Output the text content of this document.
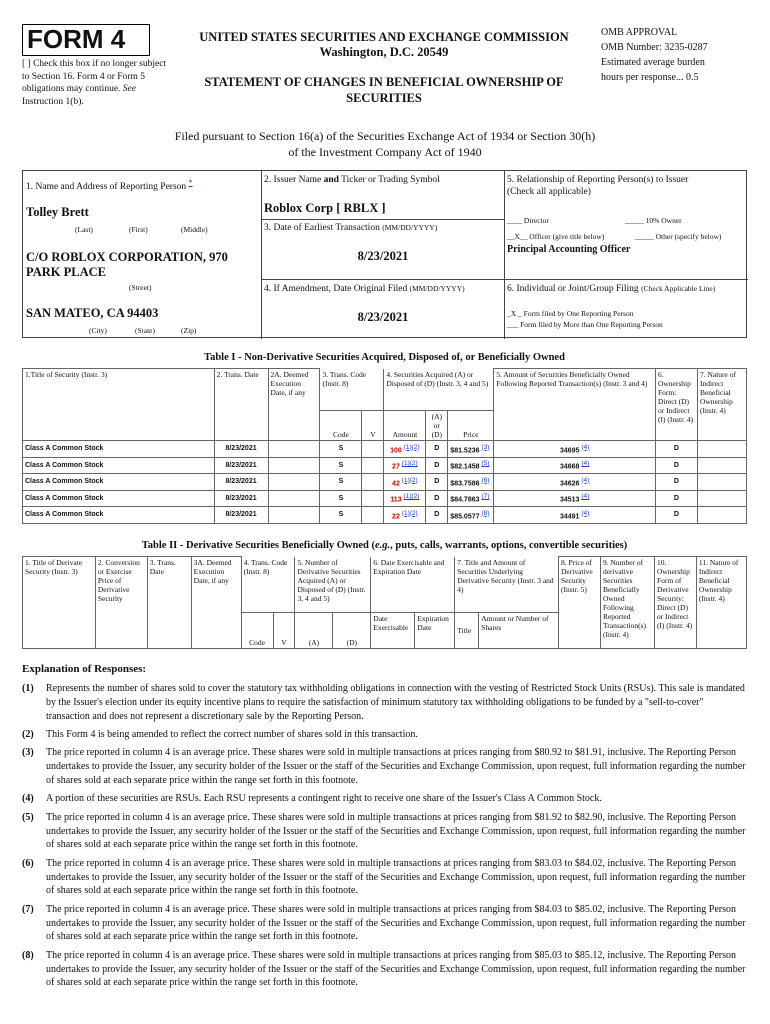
FORM 4
[ ] Check this box if no longer subject to Section 16. Form 4 or Form 5 obligations may continue. See Instruction 1(b).
UNITED STATES SECURITIES AND EXCHANGE COMMISSION
Washington, D.C. 20549
STATEMENT OF CHANGES IN BENEFICIAL OWNERSHIP OF SECURITIES
OMB APPROVAL
OMB Number: 3235-0287
Estimated average burden
hours per response... 0.5
Filed pursuant to Section 16(a) of the Securities Exchange Act of 1934 or Section 30(h) of the Investment Company Act of 1940
1. Name and Address of Reporting Person *
Tolley Brett
(Last)	(First)	(Middle)
C/O ROBLOX CORPORATION, 970 PARK PLACE
(Street)
SAN MATEO, CA 94403
(City)	(State)	(Zip)
2. Issuer Name and Ticker or Trading Symbol
Roblox Corp [ RBLX ]
3. Date of Earliest Transaction (MM/DD/YYYY)
8/23/2021
4. If Amendment, Date Original Filed (MM/DD/YYYY)
8/23/2021
5. Relationship of Reporting Person(s) to Issuer
(Check all applicable)
____ Director	_____ 10% Owner
__X__ Officer (give title below)	_____ Other (specify below)
Principal Accounting Officer
6. Individual or Joint/Group Filing (Check Applicable Line)
_X _ Form filed by One Reporting Person
___ Form filed by More than One Reporting Person
Table I - Non-Derivative Securities Acquired, Disposed of, or Beneficially Owned
1.Title of Security (Instr. 3)	2. Trans. Date	2A. Deemed Execution Date, if any	3. Trans. Code (Instr. 8)		4. Securities Acquired (A) or Disposed of (D) (Instr. 3, 4 and 5)			5. Amount of Securities Beneficially Owned Following Reported Transaction(s) (Instr. 3 and 4)	6. Ownership Form: Direct (D) or Indirect (I) (Instr. 4)	7. Nature of Indirect Beneficial Ownership (Instr. 4)
			Code	V	Amount	(A) or (D)	Price			
Class A Common Stock	8/23/2021		S		100 (1)(2)	D	$81.5236 (3)	34695 (4)	D	
Class A Common Stock	8/23/2021		S		27 (1)(2)	D	$82.1458 (5)	34668 (4)	D	
Class A Common Stock	8/23/2021		S		42 (1)(2)	D	$83.7586 (6)	34626 (4)	D	
Class A Common Stock	8/23/2021		S		113 (1)(2)	D	$84.7863 (7)	34513 (4)	D	
Class A Common Stock	8/23/2021		S		22 (1)(2)	D	$85.0577 (8)	34491 (4)	D	
Table II - Derivative Securities Beneficially Owned (e.g., puts, calls, warrants, options, convertible securities)
1. Title of Derivate Security (Instr. 3)	2. Conversion or Exercise Price of Derivative Security	3. Trans. Date	3A. Deemed Execution Date, if any	4. Trans. Code (Instr. 8)		5. Number of Derivative Securities Acquired (A) or Disposed of (D) (Instr. 3, 4 and 5)		6. Date Exercisable and Expiration Date		7. Title and Amount of Securities Underlying Derivative Security (Instr. 3 and 4)		8. Price of Derivative Security (Instr. 5)	9. Number of derivative Securities Beneficially Owned Following Reported Transaction(s) (Instr. 4)	10. Ownership Form of Derivative Security: Direct (D) or Indirect (I) (Instr. 4)	11. Nature of Indirect Beneficial Ownership (Instr. 4)
				Code	V	(A)	(D)	Date Exercisable	Expiration Date	Title	Amount or Number of Shares				
Explanation of Responses:
(1)	Represents the number of shares sold to cover the statutory tax withholding obligations in connection with the vesting of Restricted Stock Units (RSUs). This sale is mandated by the Issuer's election under its equity incentive plans to require the satisfaction of minimum statutory tax withholding obligations to be funded by a "sell-to-cover" transaction and does not represent a discretionary sale by the Reporting Person.
(2)	This Form 4 is being amended to reflect the correct number of shares sold in this transaction.
(3)	The price reported in column 4 is an average price. These shares were sold in multiple transactions at prices ranging from $80.92 to $81.91, inclusive. The Reporting Person undertakes to provide the Issuer, any security holder of the Issuer or the staff of the Securities and Exchange Commission, upon request, full information regarding the number of shares sold at each separate price within the range set forth in this footnote.
(4)	A portion of these securities are RSUs. Each RSU represents a contingent right to receive one share of the Issuer's Class A Common Stock.
(5)	The price reported in column 4 is an average price. These shares were sold in multiple transactions at prices ranging from $81.92 to $82.90, inclusive. The Reporting Person undertakes to provide the Issuer, any security holder of the Issuer or the staff of the Securities and Exchange Commission, upon request, full information regarding the number of shares sold at each separate price within the range set forth in this footnote.
(6)	The price reported in column 4 is an average price. These shares were sold in multiple transactions at prices ranging from $83.03 to $84.02, inclusive. The Reporting Person undertakes to provide the Issuer, any security holder of the Issuer or the staff of the Securities and Exchange Commission, upon request, full information regarding the number of shares sold at each separate price within the range set forth in this footnote.
(7)	The price reported in column 4 is an average price. These shares were sold in multiple transactions at prices ranging from $84.03 to $85.02, inclusive. The Reporting Person undertakes to provide the Issuer, any security holder of the Issuer or the staff of the Securities and Exchange Commission, upon request, full information regarding the number of shares sold at each separate price within the range set forth in this footnote.
(8)	The price reported in column 4 is an average price. These shares were sold in multiple transactions at prices ranging from $85.03 to $85.12, inclusive. The Reporting Person undertakes to provide the Issuer, any security holder of the Issuer or the staff of the Securities and Exchange Commission, upon request, full information regarding the number of shares sold at each separate price within the range set forth in this footnote.
